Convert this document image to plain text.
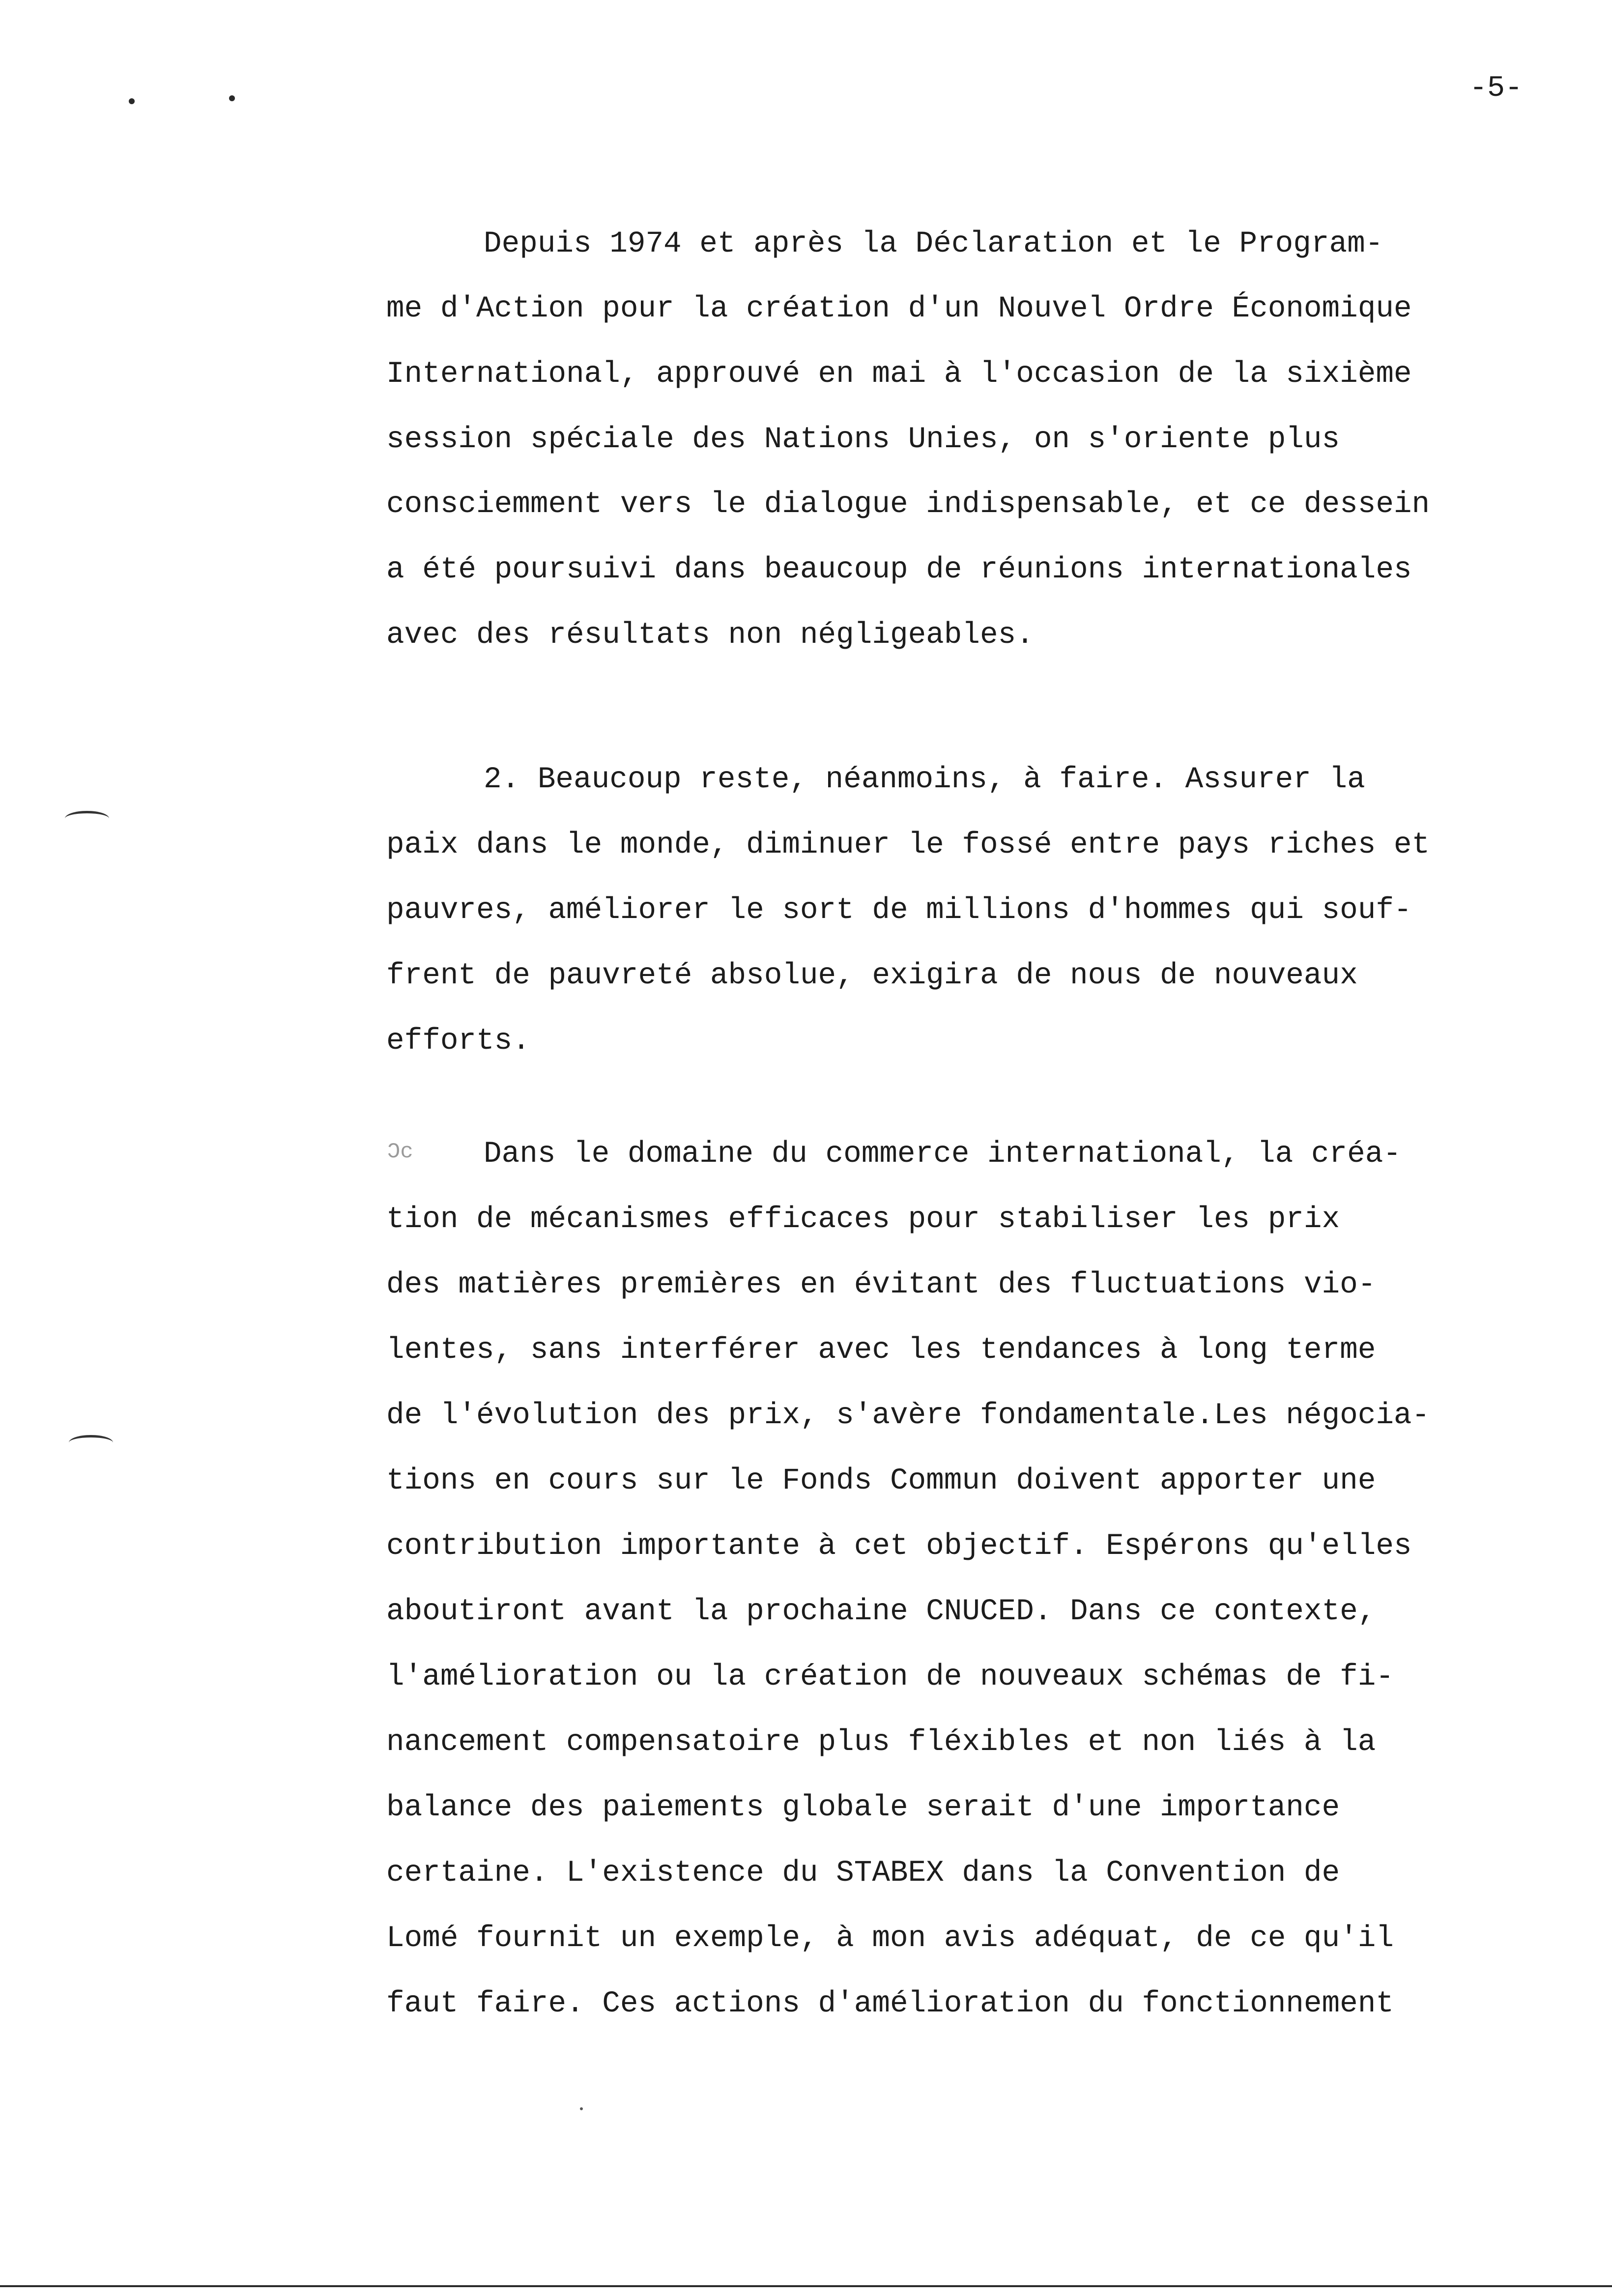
-5-
Ɔc
Depuis 1974 et après la Déclaration et le Program-
me d'Action pour la création d'un Nouvel Ordre Économique
International, approuvé en mai à l'occasion de la sixième
session spéciale des Nations Unies, on s'oriente plus
consciemment vers le dialogue indispensable, et ce dessein
a été poursuivi dans beaucoup de réunions internationales
avec des résultats non négligeables.
2. Beaucoup reste, néanmoins, à faire. Assurer la
paix dans le monde, diminuer le fossé entre pays riches et
pauvres, améliorer le sort de millions d'hommes qui souf-
frent de pauvreté absolue, exigira de nous de nouveaux
efforts.
Dans le domaine du commerce international, la créa-
tion de mécanismes efficaces pour stabiliser les prix
des matières premières en évitant des fluctuations vio-
lentes, sans interférer avec les tendances à long terme
de l'évolution des prix, s'avère fondamentale.Les négocia-
tions en cours sur le Fonds Commun doivent apporter une
contribution importante à cet objectif. Espérons qu'elles
aboutiront avant la prochaine CNUCED. Dans ce contexte,
l'amélioration ou la création de nouveaux schémas de fi-
nancement compensatoire plus fléxibles et non liés à la
balance des paiements globale serait d'une importance
certaine. L'existence du STABEX dans la Convention de
Lomé fournit un exemple, à mon avis adéquat, de ce qu'il
faut faire. Ces actions d'amélioration du fonctionnement
